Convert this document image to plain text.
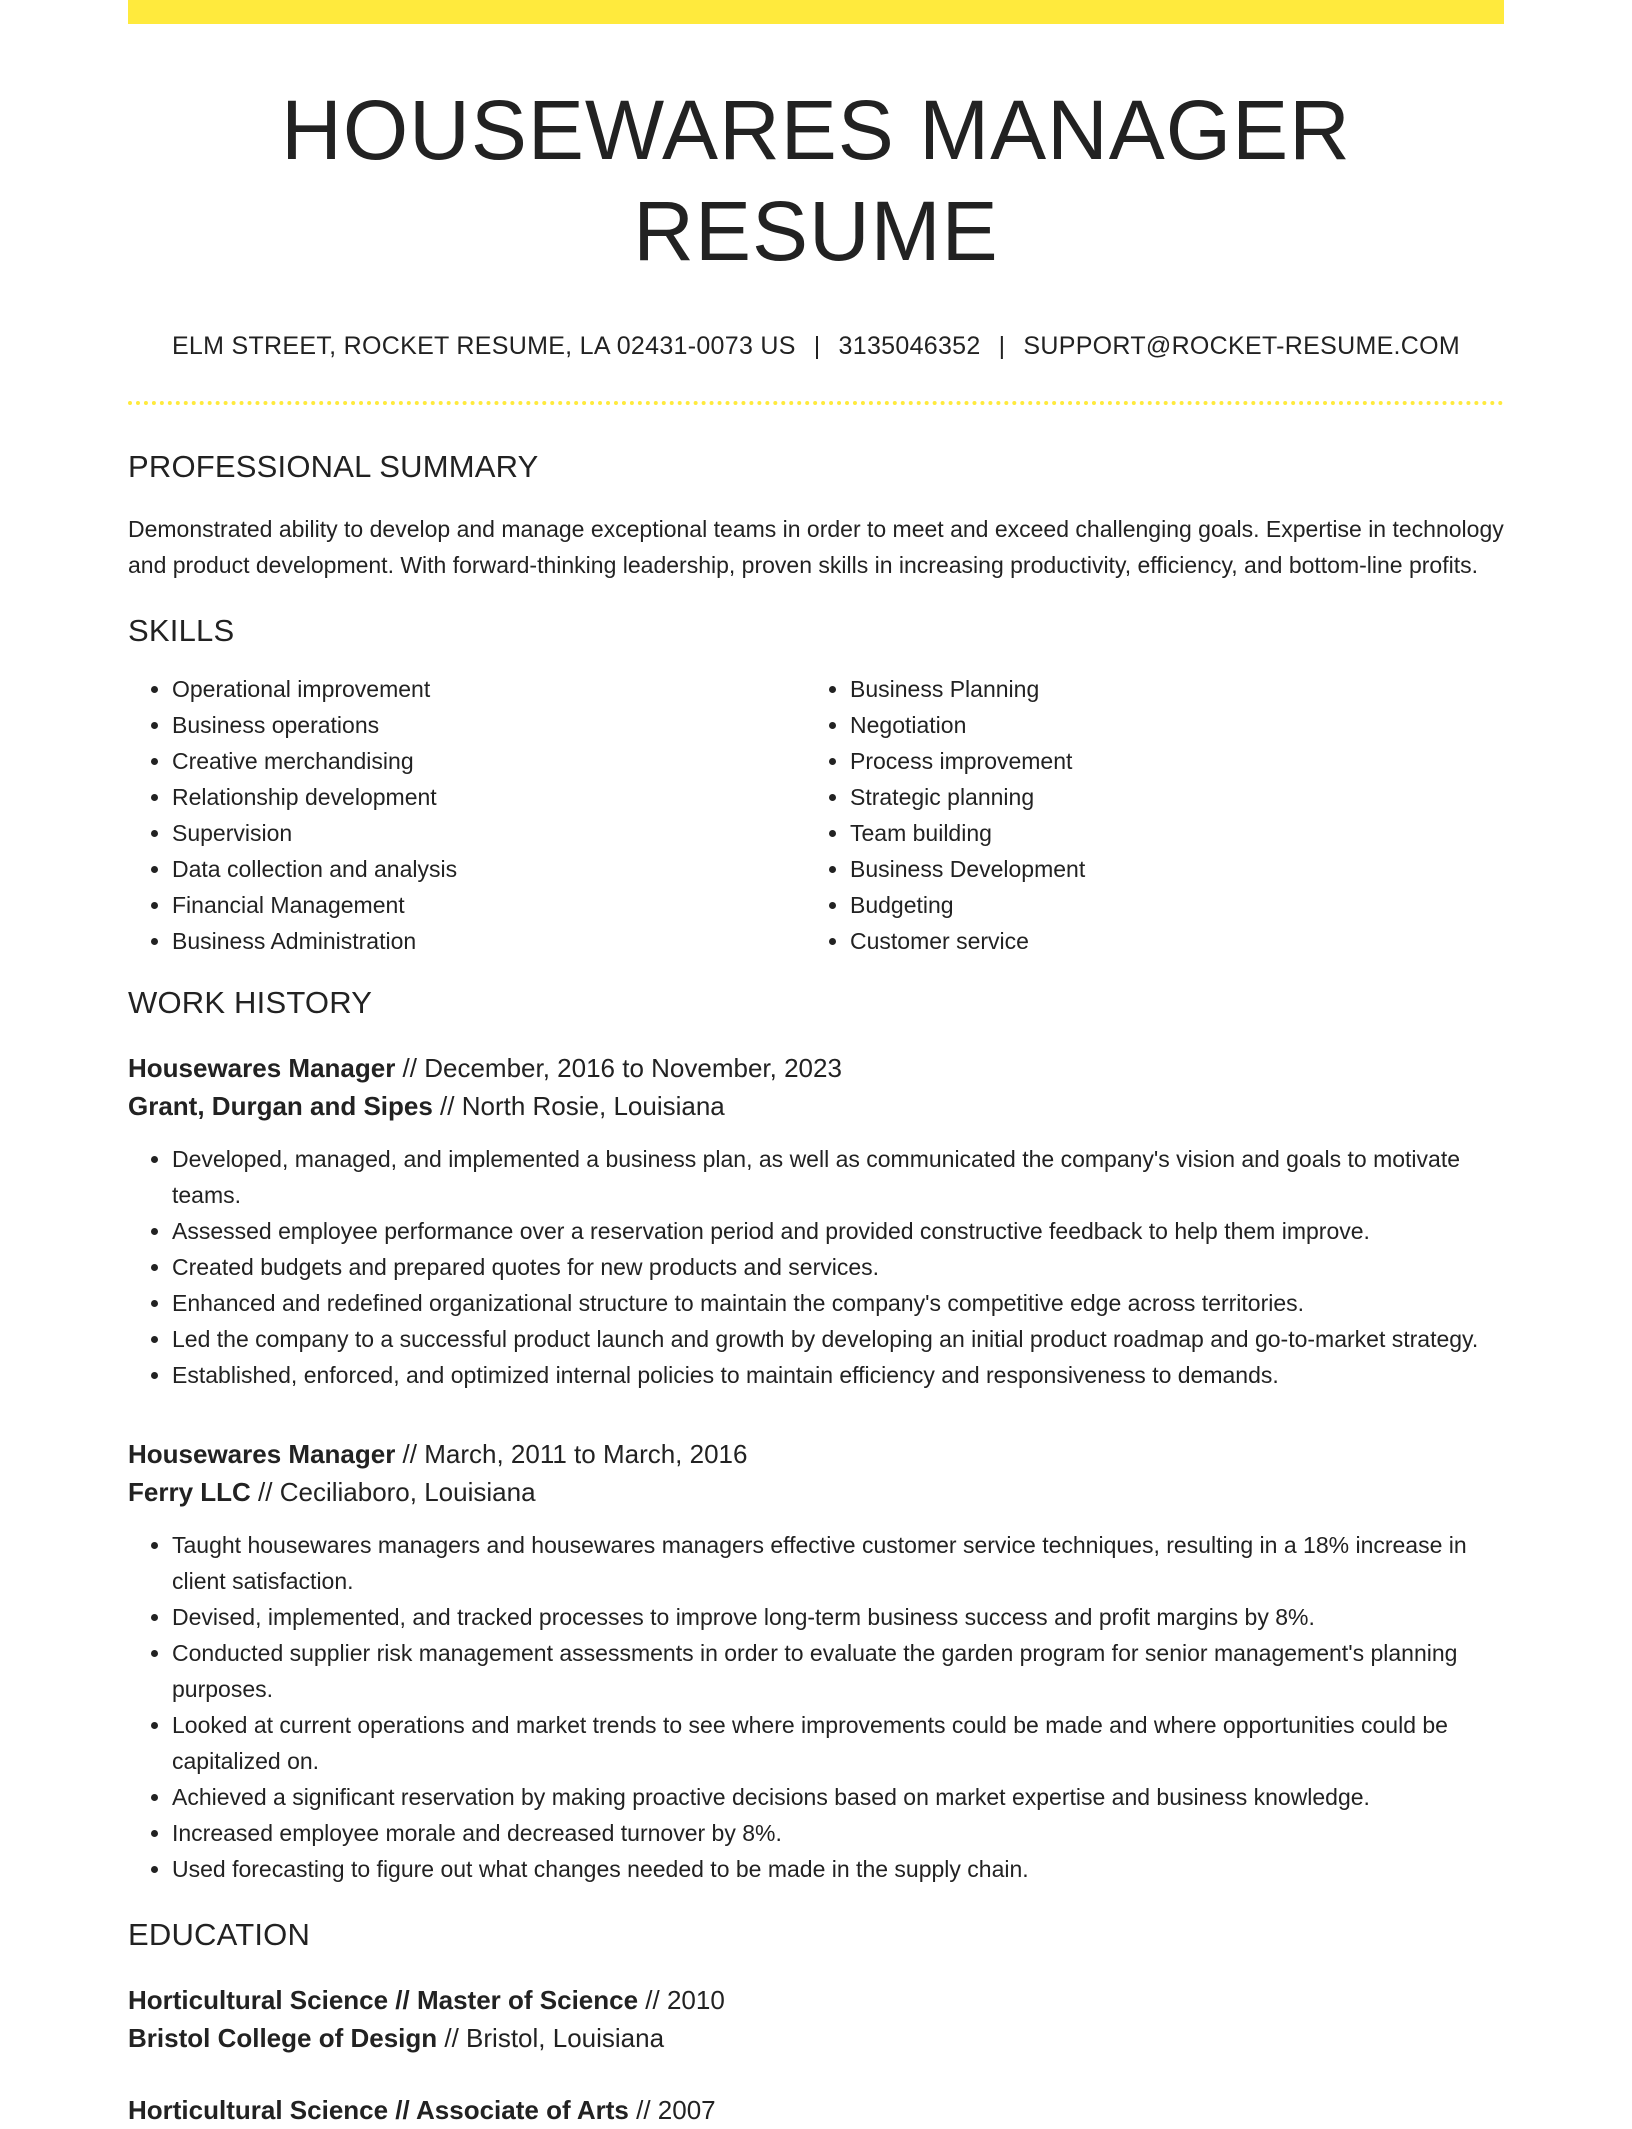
HOUSEWARES MANAGER RESUME
ELM STREET, ROCKET RESUME, LA 02431-0073 US | 3135046352 | SUPPORT@ROCKET-RESUME.COM
PROFESSIONAL SUMMARY
Demonstrated ability to develop and manage exceptional teams in order to meet and exceed challenging goals. Expertise in technology and product development. With forward-thinking leadership, proven skills in increasing productivity, efficiency, and bottom-line profits.
SKILLS
• Operational improvement
• Business operations
• Creative merchandising
• Relationship development
• Supervision
• Data collection and analysis
• Financial Management
• Business Administration
• Business Planning
• Negotiation
• Process improvement
• Strategic planning
• Team building
• Business Development
• Budgeting
• Customer service
WORK HISTORY
Housewares Manager // December, 2016 to November, 2023
Grant, Durgan and Sipes // North Rosie, Louisiana
• Developed, managed, and implemented a business plan, as well as communicated the company's vision and goals to motivate teams.
• Assessed employee performance over a reservation period and provided constructive feedback to help them improve.
• Created budgets and prepared quotes for new products and services.
• Enhanced and redefined organizational structure to maintain the company's competitive edge across territories.
• Led the company to a successful product launch and growth by developing an initial product roadmap and go-to-market strategy.
• Established, enforced, and optimized internal policies to maintain efficiency and responsiveness to demands.
Housewares Manager // March, 2011 to March, 2016
Ferry LLC // Ceciliaboro, Louisiana
• Taught housewares managers and housewares managers effective customer service techniques, resulting in a 18% increase in client satisfaction.
• Devised, implemented, and tracked processes to improve long-term business success and profit margins by 8%.
• Conducted supplier risk management assessments in order to evaluate the garden program for senior management's planning purposes.
• Looked at current operations and market trends to see where improvements could be made and where opportunities could be capitalized on.
• Achieved a significant reservation by making proactive decisions based on market expertise and business knowledge.
• Increased employee morale and decreased turnover by 8%.
• Used forecasting to figure out what changes needed to be made in the supply chain.
EDUCATION
Horticultural Science // Master of Science // 2010
Bristol College of Design // Bristol, Louisiana
Horticultural Science // Associate of Arts // 2007
